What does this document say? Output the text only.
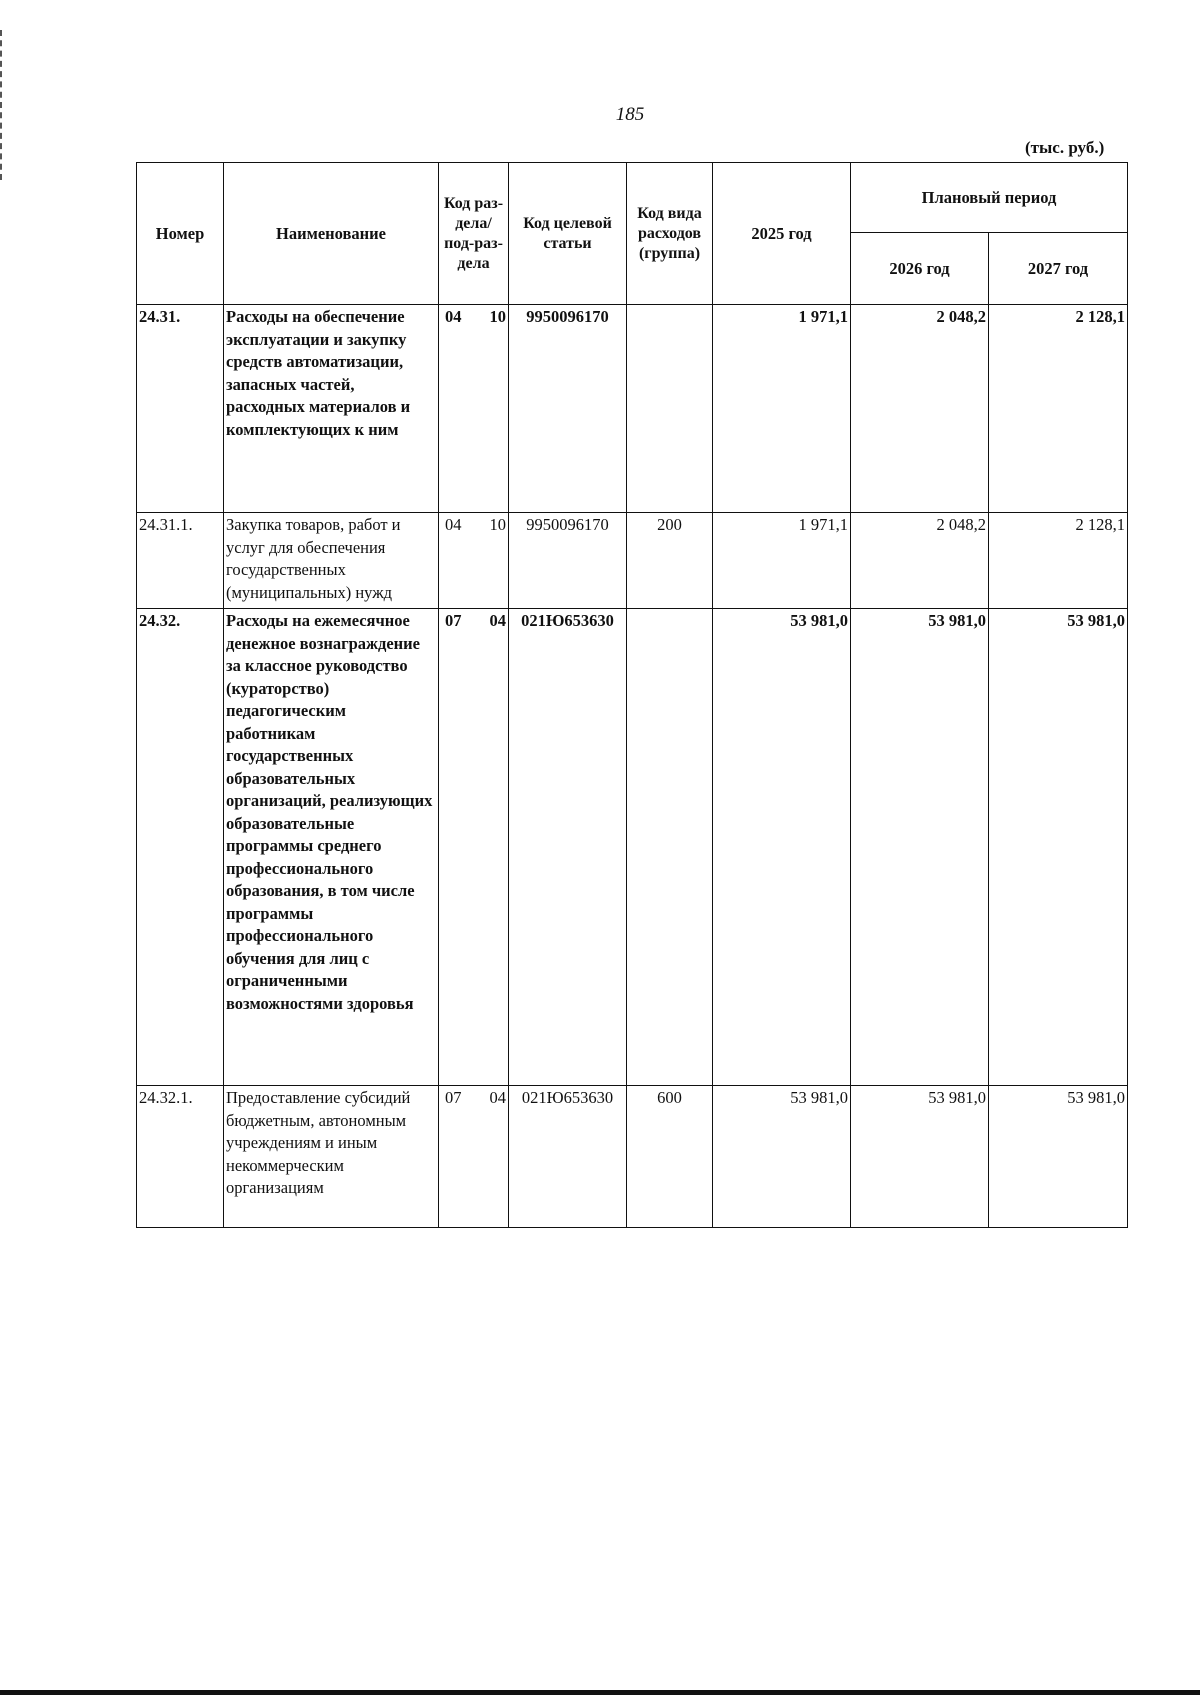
185
(тыс. руб.)
Номер	Наименование	Код раз-дела/ под-раз-дела	Код целевой статьи	Код вида расходов (группа)	2025 год	Плановый период	
						2026 год	2027 год
24.31.	Расходы на обеспечение эксплуатации и закупку средств автоматизации, запасных частей, расходных материалов и комплектующих к ним	04 10	9950096170		1 971,1	2 048,2	2 128,1
24.31.1.	Закупка товаров, работ и услуг для обеспечения государственных (муниципальных) нужд	04 10	9950096170	200	1 971,1	2 048,2	2 128,1
24.32.	Расходы на ежемесячное денежное вознаграждение за классное руководство (кураторство) педагогическим работникам государственных образовательных организаций, реализующих образовательные программы среднего профессионального образования, в том числе программы профессионального обучения для лиц с ограниченными возможностями здоровья	07 04	021Ю653630		53 981,0	53 981,0	53 981,0
24.32.1.	Предоставление субсидий бюджетным, автономным учреждениям и иным некоммерческим организациям	07 04	021Ю653630	600	53 981,0	53 981,0	53 981,0
